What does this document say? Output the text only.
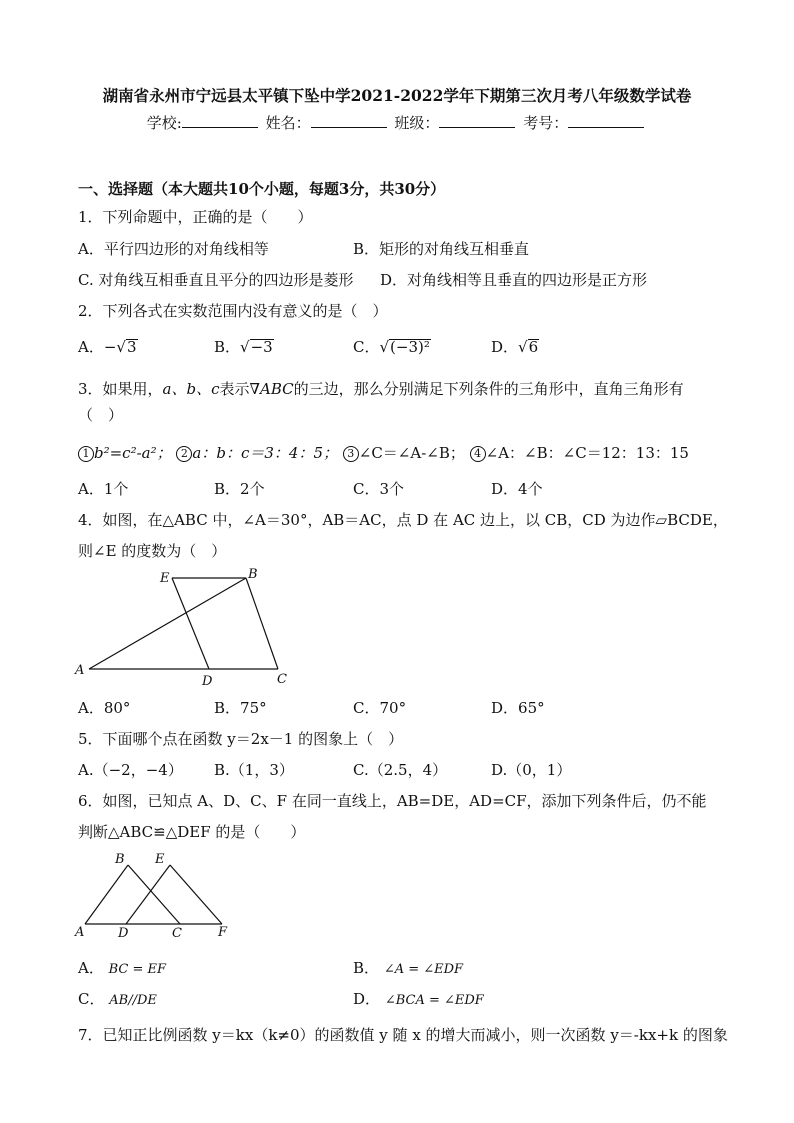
湖南省永州市宁远县太平镇下坠中学2021-2022学年下期第三次月考八年级数学试卷
学校:	姓名：	班级：	考号：
一、选择题（本大题共10个小题，每题3分，共30分）
1．下列命题中，正确的是（　　）
A．平行四边形的对角线相等	B．矩形的对角线互相垂直
C. 对角线互相垂直且平分的四边形是菱形 D．对角线相等且垂直的四边形是正方形
2．下列各式在实数范围内没有意义的是（　）
A．−√3	B．√−3	C．√(−3)²	D．√6
3．如果用，a、b、c表示∇ABC的三边，那么分别满足下列条件的三角形中，直角三角形有
（　）
1 b²=c²-a²； 2 a：b：c＝3：4：5； 3 ∠C＝∠A-∠B； 4 ∠A：∠B：∠C＝12：13：15
A．1个	B．2个	C．3个	D．4个
4．如图，在△ABC 中，∠A＝30°，AB＝AC，点 D 在 AC 边上，以 CB，CD 为边作▱BCDE，
则∠E 的度数为（　）
E	B
A
D	C
A．80°	B．75°	C．70°	D．65°
5．下面哪个点在函数 y＝2x－1 的图象上（　）
A.（−2，−4） B.（1，3）	C.（2.5，4）	D.（0，1）
6．如图，已知点 A、D、C、F 在同一直线上，AB=DE，AD=CF，添加下列条件后，仍不能
判断△ABC≌△DEF 的是（　　）
B E
A	D	C	F
A． BC = EF	B． ∠A = ∠EDF
C． AB//DE	D． ∠BCA = ∠EDF
7．已知正比例函数 y＝kx（k≠0）的函数值 y 随 x 的增大而减小，则一次函数 y＝-kx+k 的图象
